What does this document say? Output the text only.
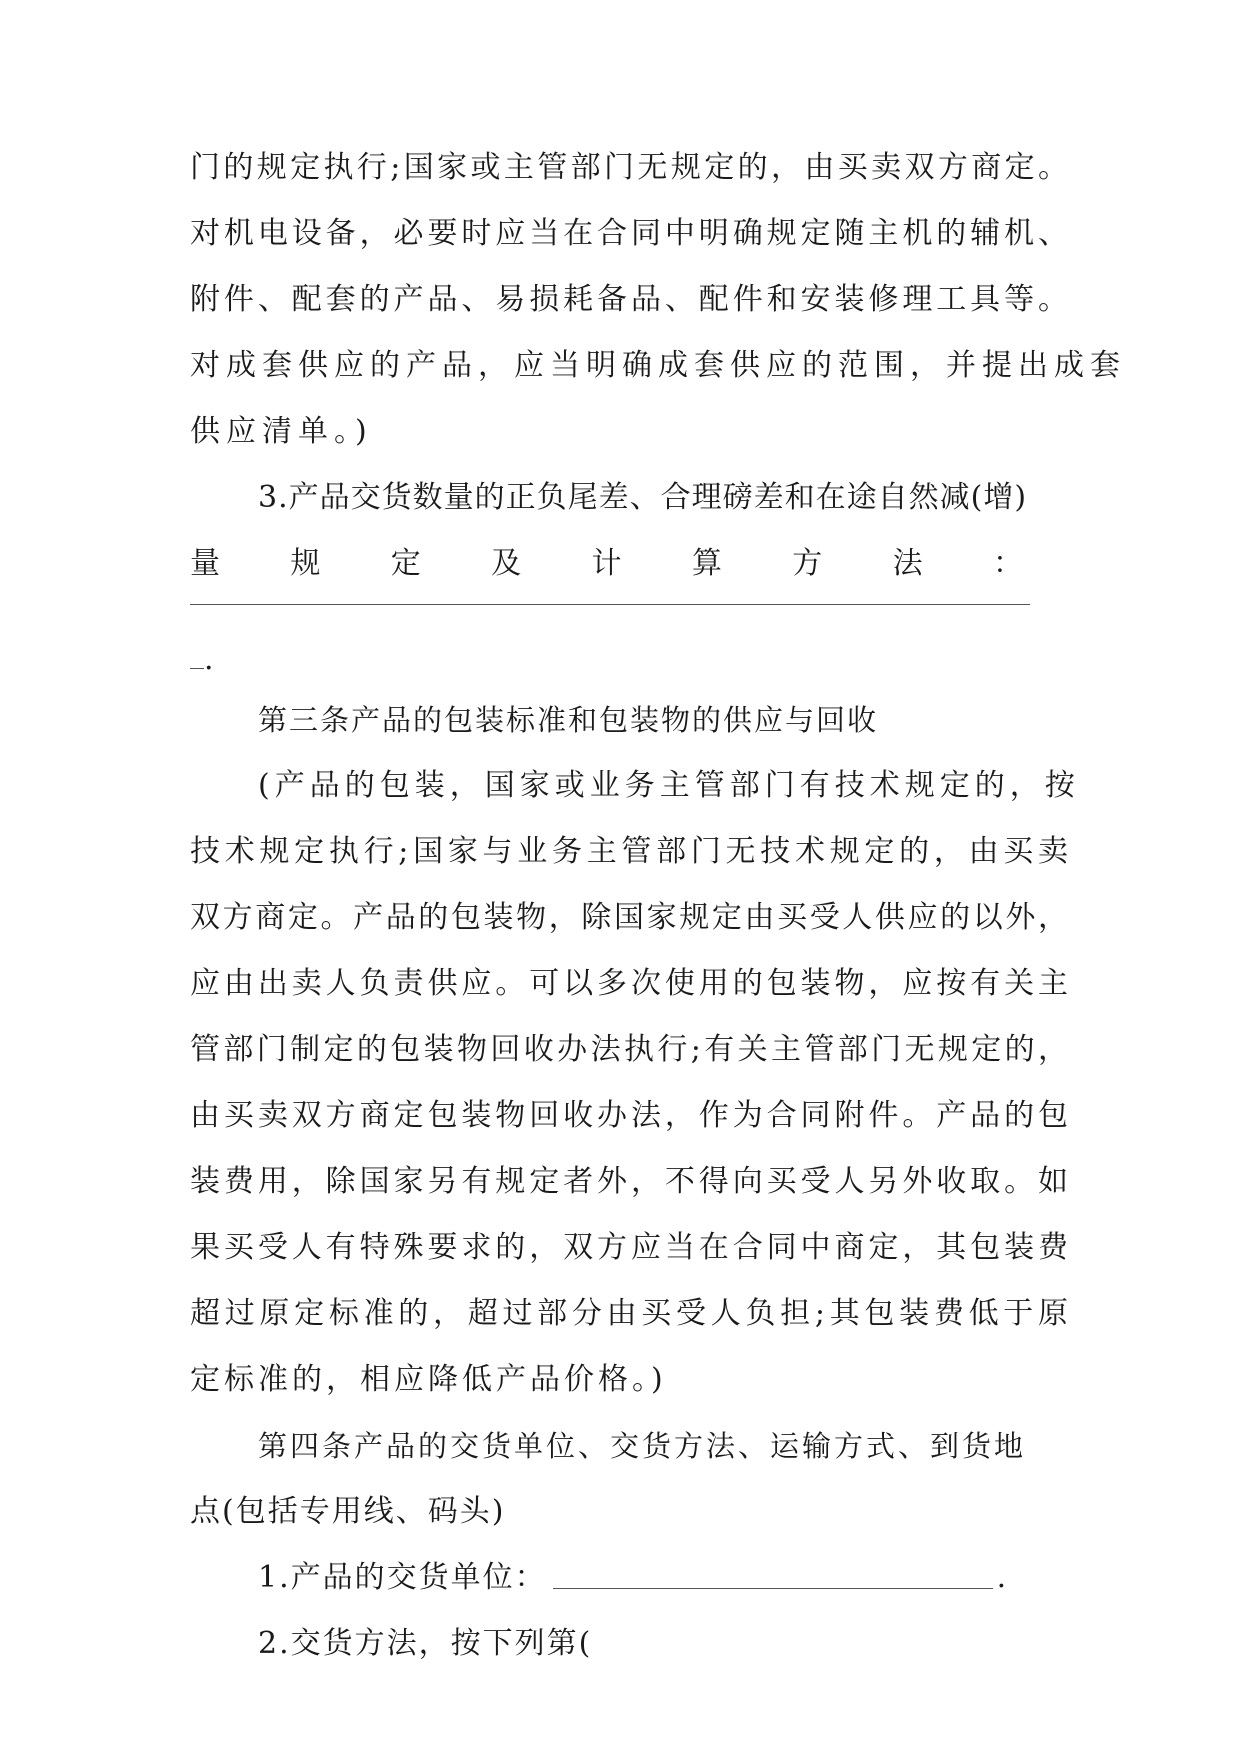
门的规定执行;国家或主管部门无规定的，由买卖双方商定。
对机电设备，必要时应当在合同中明确规定随主机的辅机、
附件、配套的产品、易损耗备品、配件和安装修理工具等。
对成套供应的产品，应当明确成套供应的范围，并提出成套
供应清单。)
3.产品交货数量的正负尾差、合理磅差和在途自然减(增)
量 规 定 及 计 算 方 法 ：
.
第三条产品的包装标准和包装物的供应与回收
(产品的包装，国家或业务主管部门有技术规定的，按
技术规定执行;国家与业务主管部门无技术规定的，由买卖
双方商定。产品的包装物，除国家规定由买受人供应的以外，
应由出卖人负责供应。可以多次使用的包装物，应按有关主
管部门制定的包装物回收办法执行;有关主管部门无规定的，
由买卖双方商定包装物回收办法，作为合同附件。产品的包
装费用，除国家另有规定者外，不得向买受人另外收取。如
果买受人有特殊要求的，双方应当在合同中商定，其包装费
超过原定标准的，超过部分由买受人负担;其包装费低于原
定标准的，相应降低产品价格。)
第四条产品的交货单位、交货方法、运输方式、到货地
点(包括专用线、码头)
1.产品的交货单位：	.
2.交货方法，按下列第(
